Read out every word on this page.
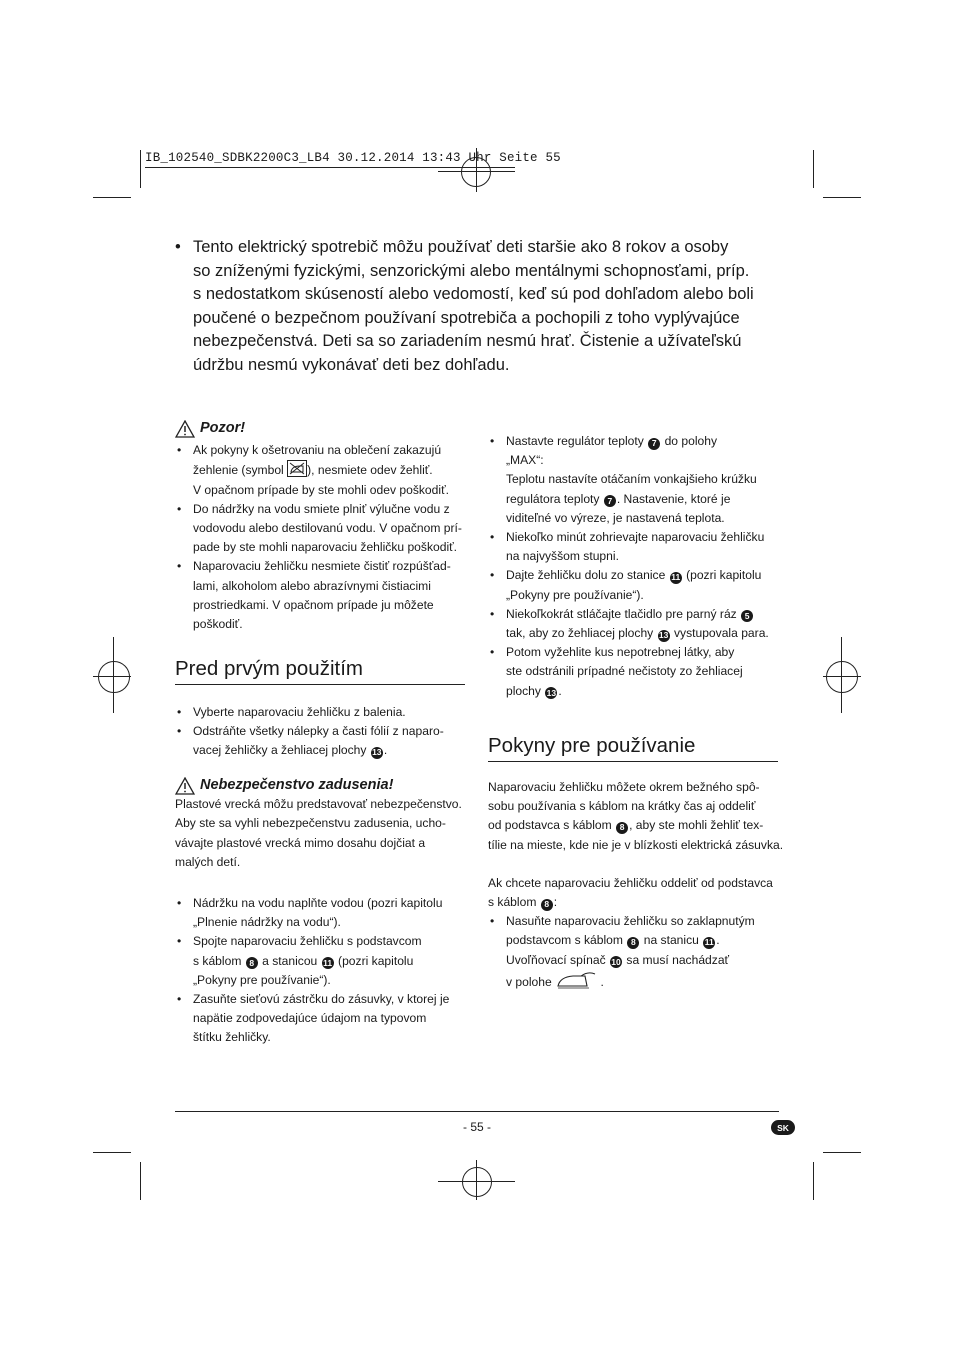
IB_102540_SDBK2200C3_LB4 30.12.2014 13:43 Uhr Seite 55
• Tento elektrický spotrebič môžu používať deti staršie ako 8 rokov a osoby
so zníženými fyzickými, senzorickými alebo mentálnymi schopnosťami, príp.
s nedostatkom skúseností alebo vedomostí, keď sú pod dohľadom alebo boli
poučené o bezpečnom používaní spotrebiča a pochopili z toho vyplývajúce
nebezpečenstvá. Deti sa so zariadením nesmú hrať. Čistenie a užívateľskú
údržbu nesmú vykonávať deti bez dohľadu.
Pozor!
• Ak pokyny k ošetrovaniu na oblečení zakazujú
žehlenie (symbol ), nesmiete odev žehliť.
V opačnom prípade by ste mohli odev poškodiť.
• Do nádržky na vodu smiete plniť výlučne vodu z
vodovodu alebo destilovanú vodu. V opačnom prí-
pade by ste mohli naparovaciu žehličku poškodiť.
• Naparovaciu žehličku nesmiete čistiť rozpúšťad-
lami, alkoholom alebo abrazívnymi čistiacimi
prostriedkami. V opačnom prípade ju môžete
poškodiť.
Pred prvým použitím
• Vyberte naparovaciu žehličku z balenia.
• Odstráňte všetky nálepky a časti fólií z naparo-
vacej žehličky a žehliacej plochy 13 .
Nebezpečenstvo zadusenia!
Plastové vrecká môžu predstavovať nebezpečenstvo.
Aby ste sa vyhli nebezpečenstvu zadusenia, ucho-
vávajte plastové vrecká mimo dosahu dojčiat a
malých detí.
• Nádržku na vodu naplňte vodou (pozri kapitolu
„Plnenie nádržky na vodu“).
• Spojte naparovaciu žehličku s podstavcom
s káblom 8 a stanicou 11 (pozri kapitolu
„Pokyny pre používanie“).
• Zasuňte sieťovú zástrčku do zásuvky, v ktorej je
napätie zodpovedajúce údajom na typovom
štítku žehličky.
• Nastavte regulátor teploty 7 do polohy
„MAX“:
Teplotu nastavíte otáčaním vonkajšieho krúžku
regulátora teploty 7 . Nastavenie, ktoré je
viditeľné vo výreze, je nastavená teplota.
• Niekoľko minút zohrievajte naparovaciu žehličku
na najvyššom stupni.
• Dajte žehličku dolu zo stanice 11 (pozri kapitolu
„Pokyny pre používanie“).
• Niekoľkokrát stláčajte tlačidlo pre parný ráz 5
tak, aby zo žehliacej plochy 13 vystupovala para.
• Potom vyžehlite kus nepotrebnej látky, aby
ste odstránili prípadné nečistoty zo žehliacej
plochy 13 .
Pokyny pre používanie

Naparovaciu žehličku môžete okrem bežného spô-
sobu používania s káblom na krátky čas aj oddeliť
od podstavca s káblom 8 , aby ste mohli žehliť tex-
tílie na mieste, kde nie je v blízkosti elektrická zásuvka.

Ak chcete naparovaciu žehličku oddeliť od podstavca
s káblom 8 :

• Nasuňte naparovaciu žehličku so zaklapnutým
podstavcom s káblom 8 na stanicu 11 .
Uvoľňovací spínač 10 sa musí nachádzať
v polohe	.
- 55 -	SK
